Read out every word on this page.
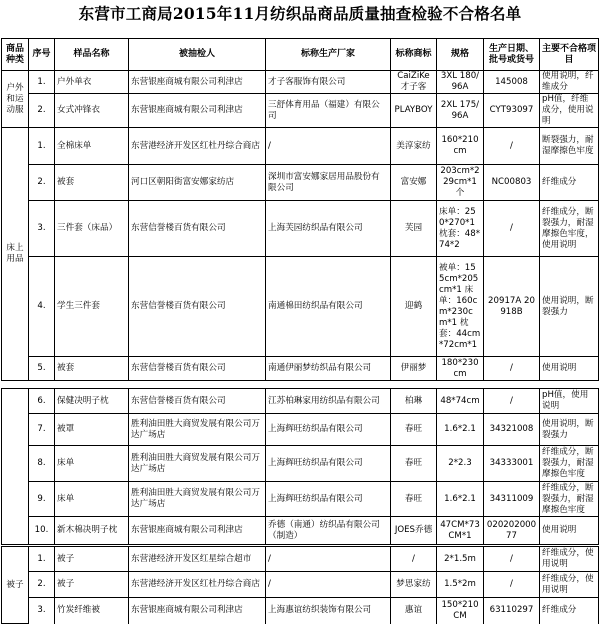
东营市工商局2015年11月纺织品商品质量抽查检验不合格名单
商品种类	序号	样品名称	被抽检人	标称生产厂家	标称商标	规格	生产日期、批号或货号	主要不合格项目
户外和运动服	1.	户外单衣	东营银座商城有限公司利津店	才子客服饰有限公司	CaiZiKe 才子客	3XL 180/96A	145008	使用说明，纤维成分
	2.	女式冲锋衣	东营银座商城有限公司利津店	三舒体育用品（福建）有限公司	PLAYBOY	2XL 175/96A	CYT93097	pH值，纤维成分，使用说明
床上用品	1.	全棉床单	东营港经济开发区红杜丹综合商店	/	美淳家纺	160*210 cm	/	断裂强力，耐湿摩擦色牢度
	2.	被套	河口区朝阳街富安娜家纺店	深圳市富安娜家居用品股份有限公司	富安娜	203cm*229cm*1个	NC00803	纤维成分
	3.	三件套（床品）	东营信誉楼百货有限公司	上海芙园纺织品有限公司	芙园	床单：250*270*1 枕套：48*74*2	/	纤维成分，断裂强力，耐湿摩擦色牢度，使用说明
	4.	学生三件套	东营信誉楼百货有限公司	南通棉田纺织品有限公司	迎鹤	被单：155cm*205cm*1 床单：160cm*230cm*1 枕套：44cm*72cm*1	20917A 20918B	使用说明，断裂强力
	5.	被套	东营信誉楼百货有限公司	南通伊丽梦纺织品有限公司	伊丽梦	180*230 cm	/	使用说明

	6.	保健决明子枕	东营信誉楼百货有限公司	江苏柏琳家用纺织品有限公司	柏琳	48*74cm	/	pH值，使用说明
	7.	被罩	胜利油田胜大商贸发展有限公司万达广场店	上海辉旺纺织品有限公司	春旺	1.6*2.1	34321008	使用说明，断裂强力
	8.	床单	胜利油田胜大商贸发展有限公司万达广场店	上海辉旺纺织品有限公司	春旺	2*2.3	34333001	纤维成分，断裂强力，耐湿摩擦色牢度
	9.	床单	胜利油田胜大商贸发展有限公司万达广场店	上海辉旺纺织品有限公司	春旺	1.6*2.1	34311009	纤维成分，断裂强力，耐湿摩擦色牢度
	10.	新木棉决明子枕	东营银座商城有限公司利津店	乔德（南通）纺织品有限公司（制造）	JOES乔德	47CM*73CM*1	02020200077	使用说明
被子	1.	被子	东营港经济开发区红星综合超市	/	/	2*1.5m	/	纤维成分，使用说明
	2.	被子	东营港经济开发区红杜丹综合商店	/	梦思家纺	1.5*2m	/	纤维成分，使用说明
	3.	竹炭纤维被	东营银座商城有限公司利津店	上海惠谊纺织装饰有限公司	惠谊	150*210CM	63110297	纤维成分
